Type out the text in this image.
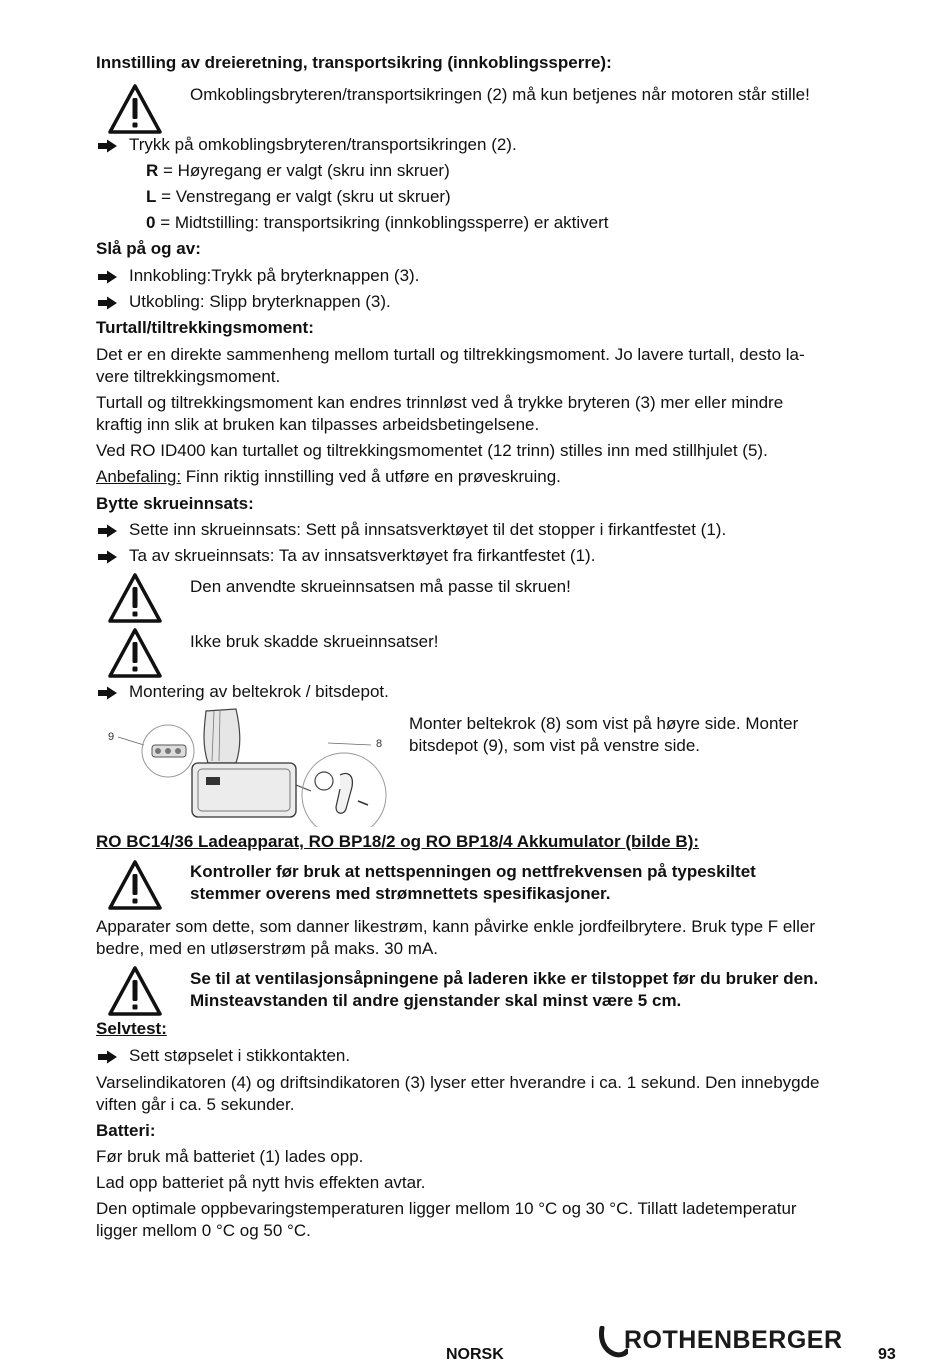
Innstilling av dreieretning, transportsikring (innkoblingssperre):
Omkoblingsbryteren/transportsikringen (2) må kun betjenes når motoren står stille!
Trykk på omkoblingsbryteren/transportsikringen (2).
R = Høyregang er valgt (skru inn skruer)
L = Venstregang er valgt (skru ut skruer)
0 = Midtstilling: transportsikring (innkoblingssperre) er aktivert
Slå på og av:
Innkobling:Trykk på bryterknappen (3).
Utkobling: Slipp bryterknappen (3).
Turtall/tiltrekkingsmoment:
Det er en direkte sammenheng mellom turtall og tiltrekkingsmoment. Jo lavere turtall, desto la-
vere tiltrekkingsmoment.
Turtall og tiltrekkingsmoment kan endres trinnløst ved å trykke bryteren (3) mer eller mindre
kraftig inn slik at bruken kan tilpasses arbeidsbetingelsene.
Ved RO ID400 kan turtallet og tiltrekkingsmomentet (12 trinn) stilles inn med stillhjulet (5).
Anbefaling: Finn riktig innstilling ved å utføre en prøveskruing.
Bytte skrueinnsats:
Sette inn skrueinnsats: Sett på innsatsverktøyet til det stopper i firkantfestet (1).
Ta av skrueinnsats: Ta av innsatsverktøyet fra firkantfestet (1).
Den anvendte skrueinnsatsen må passe til skruen!
Ikke bruk skadde skrueinnsatser!
Montering av beltekrok / bitsdepot.
9
8
Monter beltekrok (8) som vist på høyre side. Monter
bitsdepot (9), som vist på venstre side.
RO BC14/36 Ladeapparat, RO BP18/2 og RO BP18/4 Akkumulator (bilde B):
Kontroller før bruk at nettspenningen og nettfrekvensen på typeskiltet
stemmer overens med strømnettets spesifikasjoner.
Apparater som dette, som danner likestrøm, kann påvirke enkle jordfeilbrytere. Bruk type F eller
bedre, med en utløserstrøm på maks. 30 mA.
Se til at ventilasjonsåpningene på laderen ikke er tilstoppet før du bruker den.
Minsteavstanden til andre gjenstander skal minst være 5 cm.
Selvtest:
Sett støpselet i stikkontakten.
Varselindikatoren (4) og driftsindikatoren (3) lyser etter hverandre i ca. 1 sekund. Den innebygde
viften går i ca. 5 sekunder.
Batteri:
Før bruk må batteriet (1) lades opp.
Lad opp batteriet på nytt hvis effekten avtar.
Den optimale oppbevaringstemperaturen ligger mellom 10 °C og 30 °C. Tillatt ladetemperatur
ligger mellom 0 °C og 50 °C.
NORSK
ROTHENBERGER
93
